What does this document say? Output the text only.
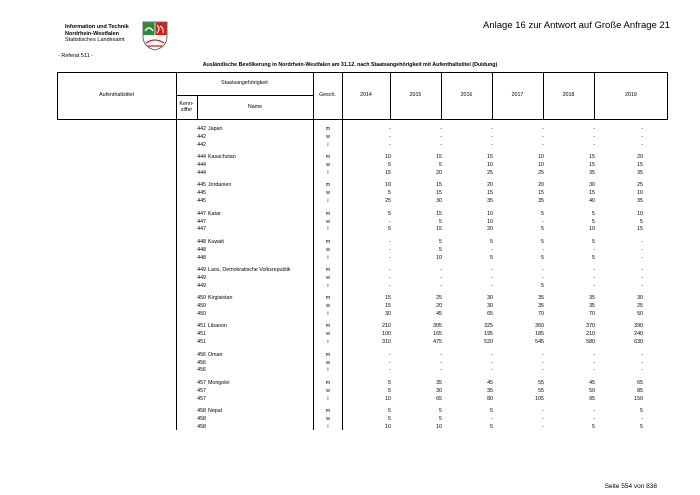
Information und Technik
Nordrhein-Westfalen
Statistisches Landesamt
Anlage 16 zur Antwort auf Große Anfrage 21
- Referat 511 -
Ausländische Bevölkerung in Nordrhein-Westfalen am 31.12. nach Staatsangehörigkeit mit Aufenthaltstitel (Duldung)
Aufenthaltstitel
Staatsangehörigkeit
Kenn-
ziffer
Name
Gesch.	2014	2015	2016	2017	2018	2019
442 Japan	m	-	-	-	-	-	-
442	w	-	-	-	-	-	-
442	i	-	-	-	-	-	-
444 Kasachstan	m	10	15	15	10	15	20
444	w	5	5	10	10	15	15
444	i	15	20	25	25	35	35
445 Jordanien	m	10	15	20	20	30	25
445	w	5	15	15	15	15	10
445	i	25	30	35	35	40	35
447 Katar	m	5	15	10	5	5	10
447	w	-	5	10	-	5	5
447	i	5	15	20	5	10	15
448 Kuwait	m	-	5	5	5	5	-
448	w	-	5	-	-	-	-
448	i	-	10	5	5	5	-
449 Laos, Demokratische Volksrepublik	m	-	-	-	-	-	-
449	w	-	-	-	-	-	-
449	i	-	-	-	5	-	-
450 Kirgisistan	m	15	25	30	35	35	30
450	w	15	20	30	35	35	25
450	i	30	45	65	70	70	50
451 Libanon	m	210	305	325	360	370	390
451	w	100	165	195	185	210	240
451	i	310	475	520	545	580	630
456 Oman	m	-	-	-	-	-	-
456	w	-	-	-	-	-	-
456	i	-	-	-	-	-	-
457 Mongolei	m	5	35	45	55	45	65
457	w	5	30	35	55	50	85
457	i	10	65	80	105	95	150
458 Nepal	m	5	5	5	-	-	5
458	w	5	5	-	-	-	-
458	i	10	10	5	-	5	5
Seite 554 von 838
